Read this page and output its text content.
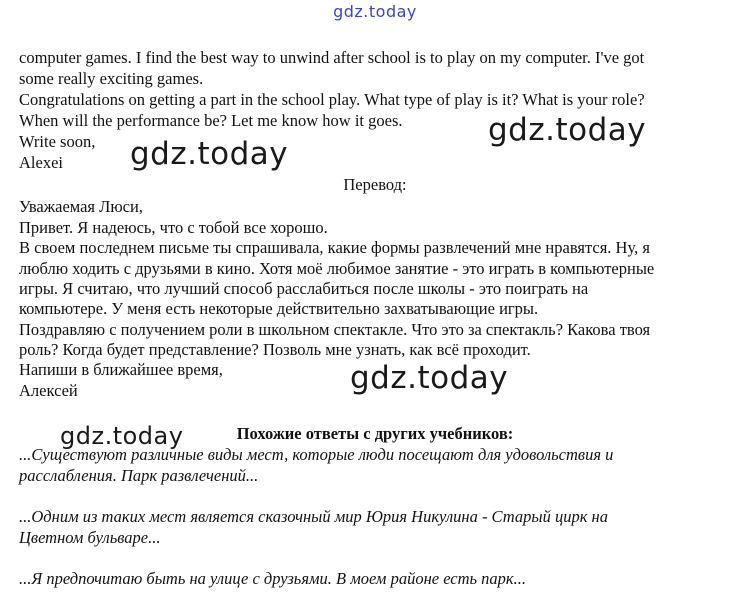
gdz.today
gdz.today
gdz.today
gdz.today
gdz.today

computer games. I find the best way to unwind after school is to play on my computer. I've got

some really exciting games.

Congratulations on getting a part in the school play. What type of play is it? What is your role?

When will the performance be? Let me know how it goes.

Write soon,

Alexei

Перевод:

Уважаемая Люси,

Привет. Я надеюсь, что с тобой все хорошо.

В своем последнем письме ты спрашивала, какие формы развлечений мне нравятся. Ну, я

люблю ходить с друзьями в кино. Хотя моё любимое занятие - это играть в компьютерные

игры. Я считаю, что лучший способ расслабиться после школы - это поиграть на

компьютере. У меня есть некоторые действительно захватывающие игры.

Поздравляю с получением роли в школьном спектакле. Что это за спектакль? Какова твоя

роль? Когда будет представление? Позволь мне узнать, как всё проходит.

Напиши в ближайшее время,

Алексей

Похожие ответы с других учебников:

...Существуют различные виды мест, которые люди посещают для удовольствия и
расслабления. Парк развлечений...
...Одним из таких мест является сказочный мир Юрия Никулина - Старый цирк на
Цветном бульваре...
...Я предпочитаю быть на улице с друзьями. В моем районе есть парк...
